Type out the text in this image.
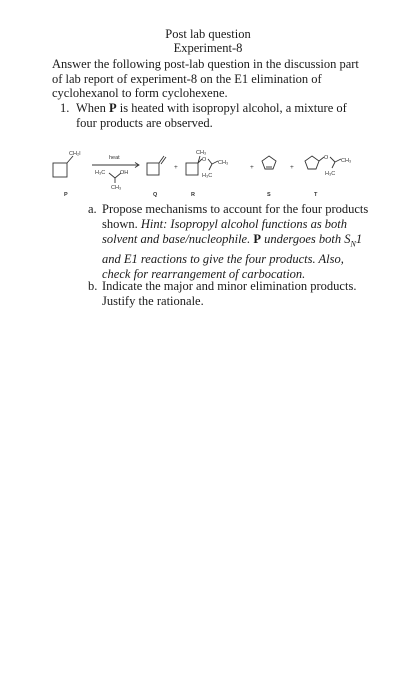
Post lab question
Experiment-8
Answer the following post-lab question in the discussion part of lab report of experiment-8 on the E1 elimination of cyclohexanol to form cyclohexene.
1. When P is heated with isopropyl alcohol, a mixture of four products are observed.
CH₂I
heat
H₃C	OH
CH₃
+
CH₃
O CH₃
H₃C
+	+
O CH₃
H₃C
P	Q	R	S	T
a. Propose mechanisms to account for the four products shown. Hint: Isopropyl alcohol functions as both solvent and base/nucleophile. P undergoes both $S_N1$ and E1 reactions to give the four products. Also, check for rearrangement of carbocation.
b. Indicate the major and minor elimination products. Justify the rationale.
